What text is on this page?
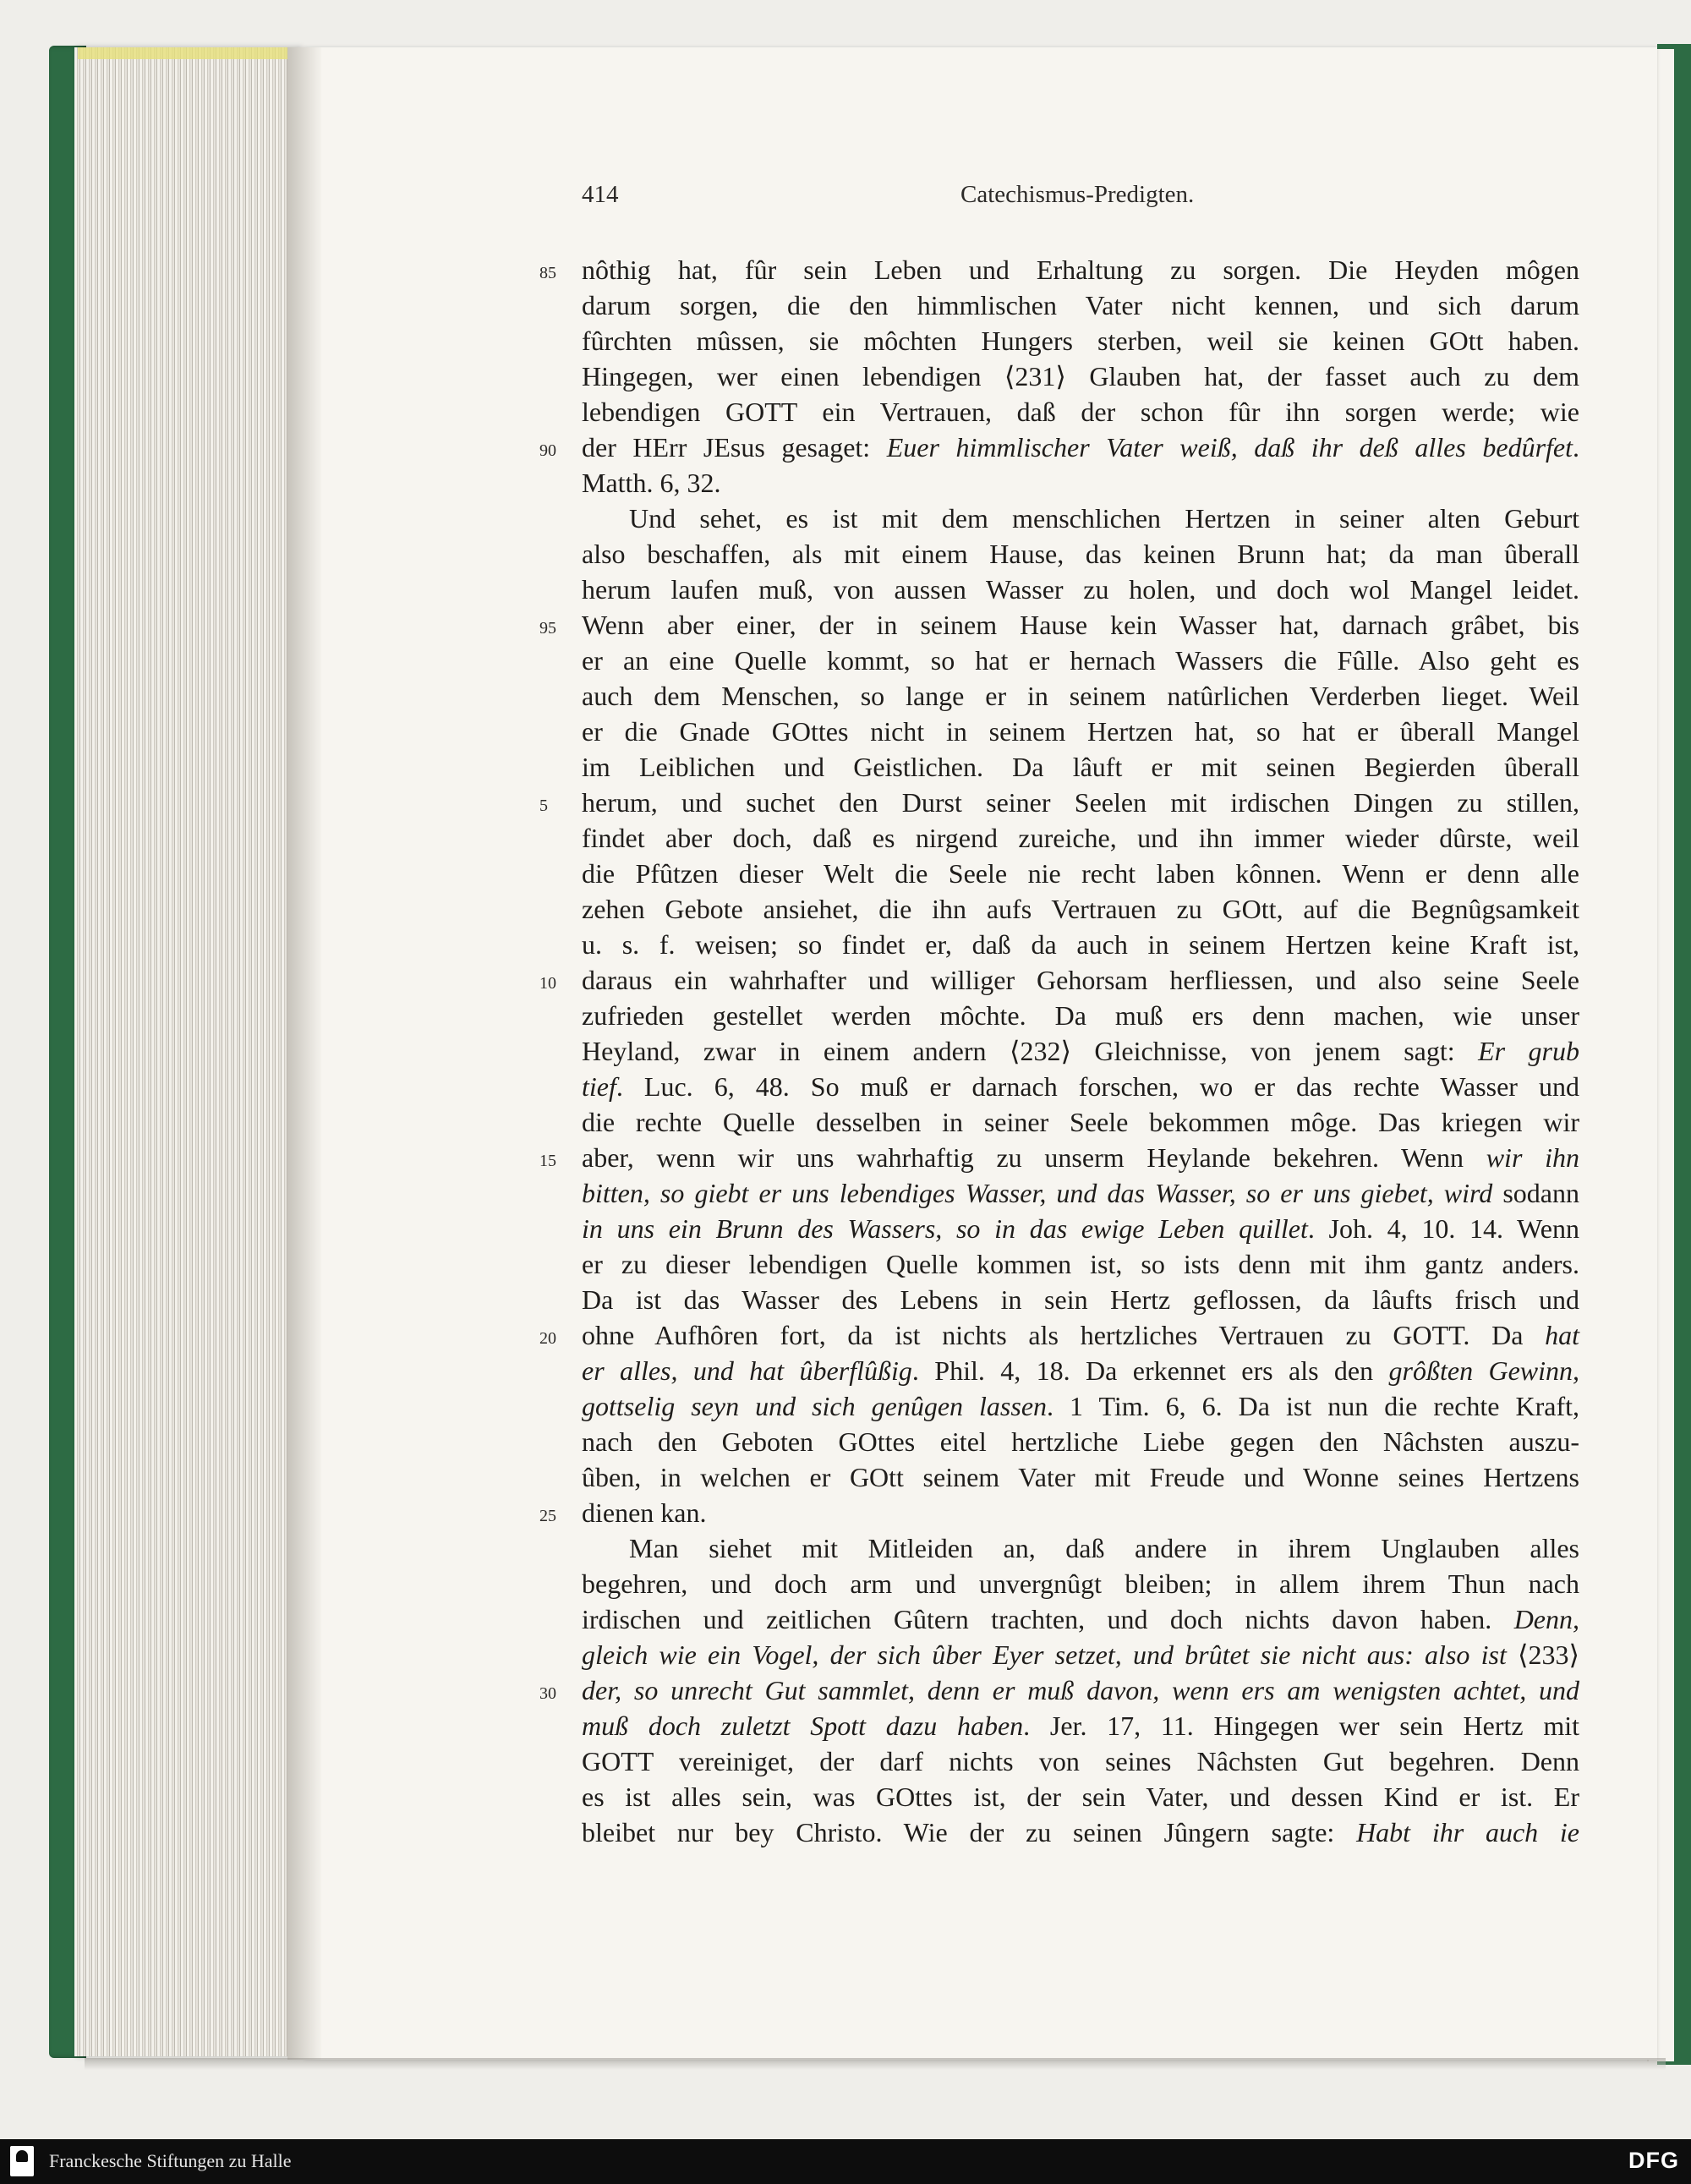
414	Catechismus-Predigten.
nôthig hat, fûr sein Leben und Erhaltung zu sorgen. Die Heyden môgen
85
darum sorgen, die den himmlischen Vater nicht kennen, und sich darum
fûrchten mûssen, sie môchten Hungers sterben, weil sie keinen GOtt haben.
Hingegen, wer einen lebendigen ⟨231⟩ Glauben hat, der fasset auch zu dem
lebendigen GOTT ein Vertrauen, daß der schon fûr ihn sorgen werde; wie
der HErr JEsus gesaget: Euer himmlischer Vater weiß, daß ihr deß alles bedûrfet.
90
Matth. 6, 32.
Und sehet, es ist mit dem menschlichen Hertzen in seiner alten Geburt
also beschaffen, als mit einem Hause, das keinen Brunn hat; da man ûberall
herum laufen muß, von aussen Wasser zu holen, und doch wol Mangel leidet.
Wenn aber einer, der in seinem Hause kein Wasser hat, darnach grâbet, bis
95
er an eine Quelle kommt, so hat er hernach Wassers die Fûlle. Also geht es
auch dem Menschen, so lange er in seinem natûrlichen Verderben lieget. Weil
er die Gnade GOttes nicht in seinem Hertzen hat, so hat er ûberall Mangel
im Leiblichen und Geistlichen. Da lâuft er mit seinen Begierden ûberall
herum, und suchet den Durst seiner Seelen mit irdischen Dingen zu stillen,
5
findet aber doch, daß es nirgend zureiche, und ihn immer wieder dûrste, weil
die Pfûtzen dieser Welt die Seele nie recht laben kônnen. Wenn er denn alle
zehen Gebote ansiehet, die ihn aufs Vertrauen zu GOtt, auf die Begnûgsamkeit
u. s. f. weisen; so findet er, daß da auch in seinem Hertzen keine Kraft ist,
daraus ein wahrhafter und williger Gehorsam herfliessen, und also seine Seele
10
zufrieden gestellet werden môchte. Da muß ers denn machen, wie unser
Heyland, zwar in einem andern ⟨232⟩ Gleichnisse, von jenem sagt: Er grub
tief. Luc. 6, 48. So muß er darnach forschen, wo er das rechte Wasser und
die rechte Quelle desselben in seiner Seele bekommen môge. Das kriegen wir
aber, wenn wir uns wahrhaftig zu unserm Heylande bekehren. Wenn wir ihn
15
bitten, so giebt er uns lebendiges Wasser, und das Wasser, so er uns giebet, wird sodann
in uns ein Brunn des Wassers, so in das ewige Leben quillet. Joh. 4, 10. 14. Wenn
er zu dieser lebendigen Quelle kommen ist, so ists denn mit ihm gantz anders.
Da ist das Wasser des Lebens in sein Hertz geflossen, da lâufts frisch und
ohne Aufhôren fort, da ist nichts als hertzliches Vertrauen zu GOTT. Da hat
20
er alles, und hat ûberflûßig. Phil. 4, 18. Da erkennet ers als den grôßten Gewinn,
gottselig seyn und sich genûgen lassen. 1 Tim. 6, 6. Da ist nun die rechte Kraft,
nach den Geboten GOttes eitel hertzliche Liebe gegen den Nâchsten auszu-
ûben, in welchen er GOtt seinem Vater mit Freude und Wonne seines Hertzens
dienen kan.
25
Man siehet mit Mitleiden an, daß andere in ihrem Unglauben alles
begehren, und doch arm und unvergnûgt bleiben; in allem ihrem Thun nach
irdischen und zeitlichen Gûtern trachten, und doch nichts davon haben. Denn,
gleich wie ein Vogel, der sich ûber Eyer setzet, und brûtet sie nicht aus: also ist ⟨233⟩
der, so unrecht Gut sammlet, denn er muß davon, wenn ers am wenigsten achtet, und
30
muß doch zuletzt Spott dazu haben. Jer. 17, 11. Hingegen wer sein Hertz mit
GOTT vereiniget, der darf nichts von seines Nâchsten Gut begehren. Denn
es ist alles sein, was GOttes ist, der sein Vater, und dessen Kind er ist. Er
bleibet nur bey Christo. Wie der zu seinen Jûngern sagte: Habt ihr auch ie
Franckesche Stiftungen zu Halle	DFG
